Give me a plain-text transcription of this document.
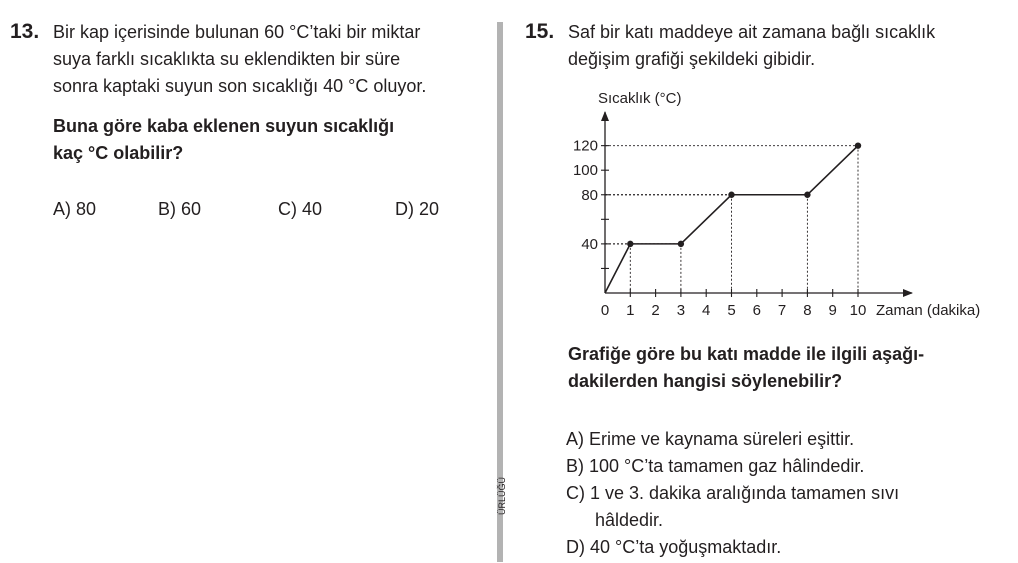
13. Bir kap içerisinde bulunan 60 °C’taki bir miktar
suya farklı sıcaklıkta su eklendikten bir süre
sonra kaptaki suyun son sıcaklığı 40 °C oluyor.
Buna göre kaba eklenen suyun sıcaklığı
kaç °C olabilir?
A) 80	B) 60	C) 40	D) 20
ÜRLÜĞÜ
15. Saf bir katı maddeye ait zamana bağlı sıcaklık
değişim grafiği şekildeki gibidir.
0 1 2 3 4 5 6 7 8 9 10
40
80
100
120
Sıcaklık (°C)
Zaman (dakika)
Grafiğe göre bu katı madde ile ilgili aşağı-
dakilerden hangisi söylenebilir?
A) Erime ve kaynama süreleri eşittir.
B) 100 °C’ta tamamen gaz hâlindedir.
C) 1 ve 3. dakika aralığında tamamen sıvı
hâldedir.
D) 40 °C’ta yoğuşmaktadır.
